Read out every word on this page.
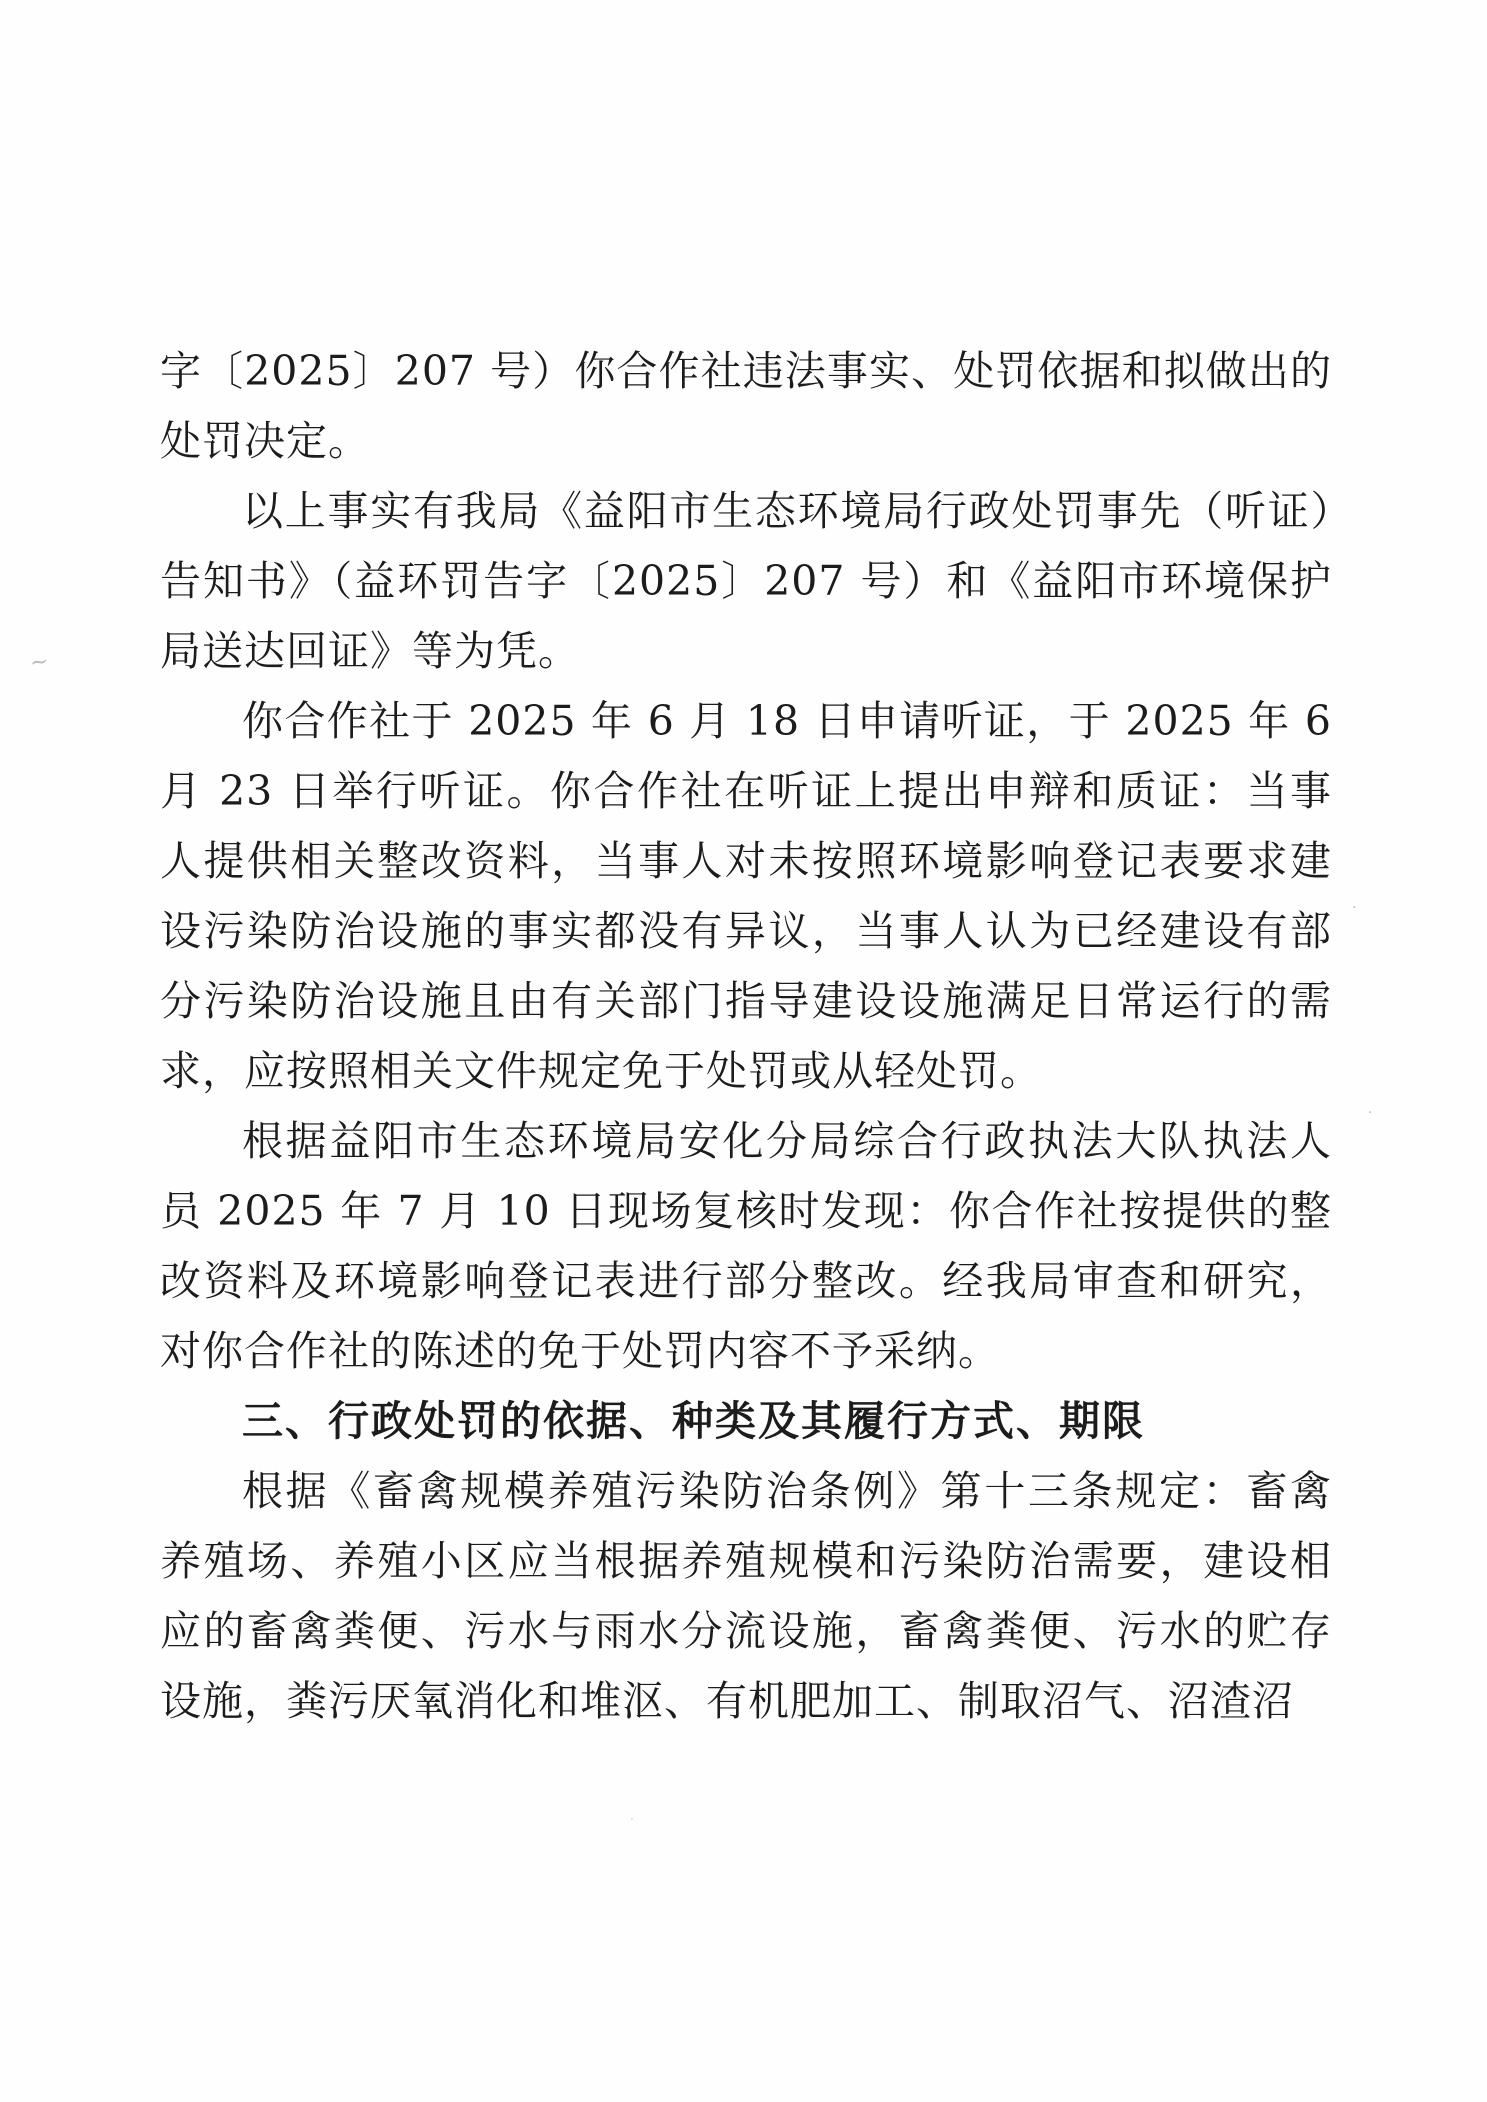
~
·
·
·

字〔2025〕207 号）你合作社违法事实、处罚依据和拟做出的处罚决定。

以上事实有我局《益阳市生态环境局行政处罚事先（听证）告知书》（益环罚告字〔2025〕207 号）和《益阳市环境保护局送达回证》等为凭。

你合作社于 2025 年 6 月 18 日申请听证，于 2025 年 6 月 23 日举行听证。你合作社在听证上提出申辩和质证：当事人提供相关整改资料，当事人对未按照环境影响登记表要求建设污染防治设施的事实都没有异议，当事人认为已经建设有部分污染防治设施且由有关部门指导建设设施满足日常运行的需求，应按照相关文件规定免于处罚或从轻处罚。

根据益阳市生态环境局安化分局综合行政执法大队执法人员 2025 年 7 月 10 日现场复核时发现：你合作社按提供的整改资料及环境影响登记表进行部分整改。经我局审查和研究，对你合作社的陈述的免于处罚内容不予采纳。

三、行政处罚的依据、种类及其履行方式、期限

根据《畜禽规模养殖污染防治条例》第十三条规定：畜禽养殖场、养殖小区应当根据养殖规模和污染防治需要，建设相应的畜禽粪便、污水与雨水分流设施，畜禽粪便、污水的贮存设施，粪污厌氧消化和堆沤、有机肥加工、制取沼气、沼渣沼
